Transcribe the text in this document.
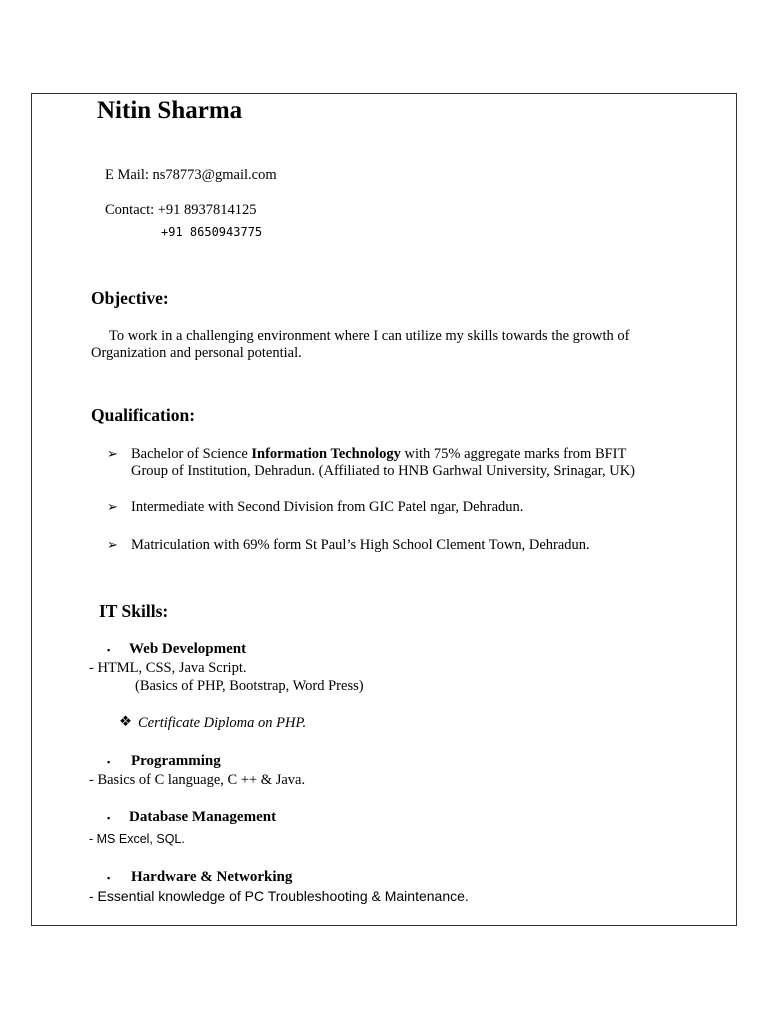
Nitin Sharma
E Mail: ns78773@gmail.com
Contact: +91 8937814125
+91 8650943775
Objective:
To work in a challenging environment where I can utilize my skills towards the growth of
Organization and personal potential.
Qualification:
➢ Bachelor of Science Information Technology with 75% aggregate marks from BFIT
Group of Institution, Dehradun. (Affiliated to HNB Garhwal University, Srinagar, UK)
➢ Intermediate with Second Division from GIC Patel ngar, Dehradun.
➢ Matriculation with 69% form St Paul’s High School Clement Town, Dehradun.
IT Skills:
▪ Web Development
- HTML, CSS, Java Script.
(Basics of PHP, Bootstrap, Word Press)
❖ Certificate Diploma on PHP.
▪ Programming
- Basics of C language, C ++ & Java.
▪ Database Management
- MS Excel, SQL.
▪ Hardware & Networking
- Essential knowledge of PC Troubleshooting & Maintenance.
